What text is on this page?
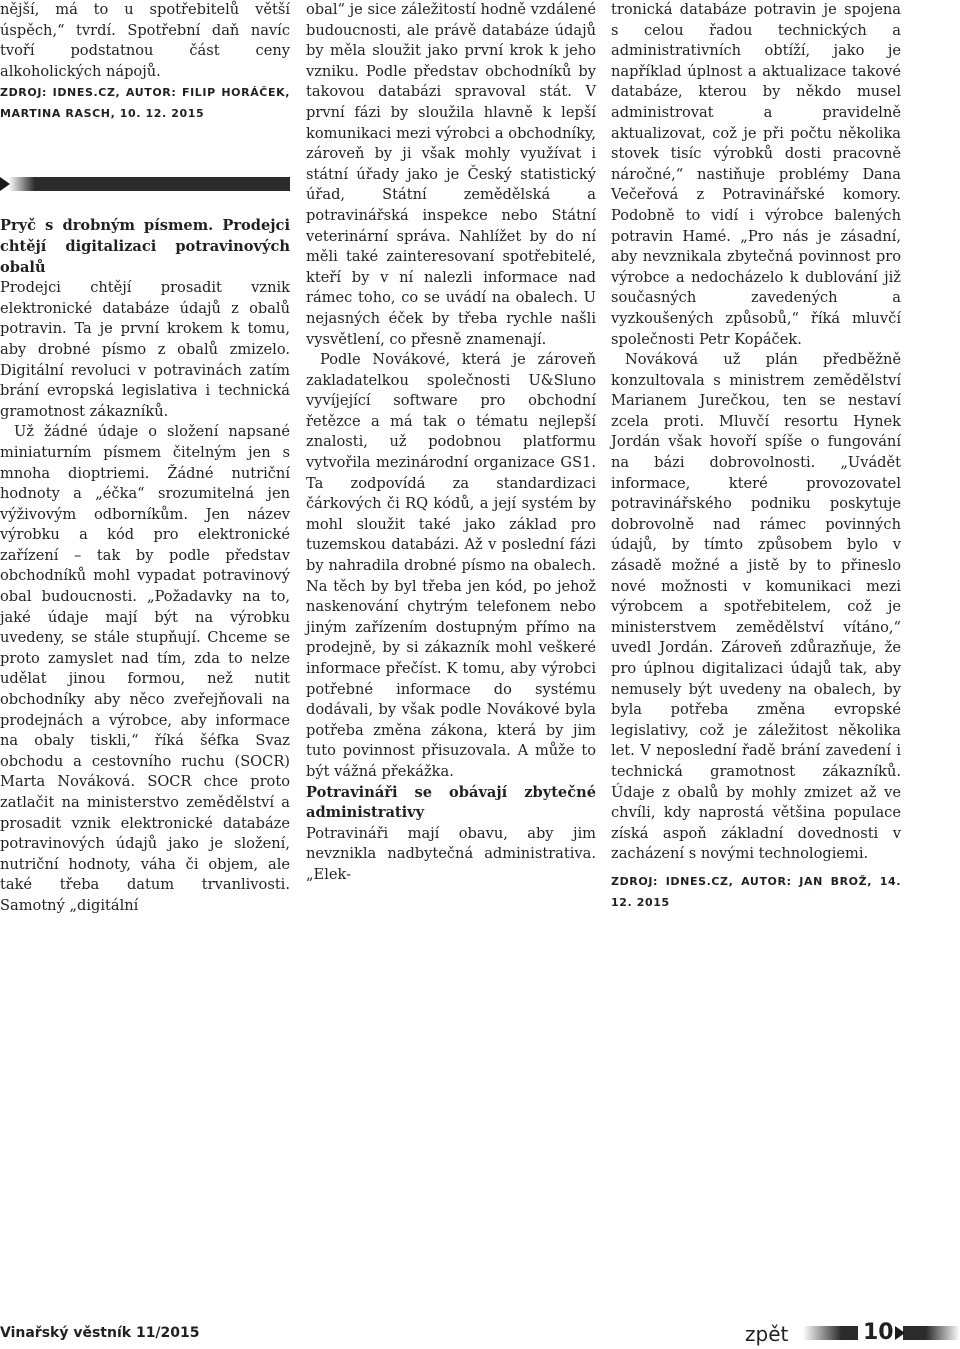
nější, má to u spotřebitelů větší úspěch,“ tvrdí. Spotřební daň navíc tvoří podstatnou část ceny alkoholických nápojů.

ZDROJ: IDNES.CZ, AUTOR: FILIP HORÁČEK, MARTINA RASCH, 10. 12. 2015

Pryč s drobným písmem. Prodejci chtějí digitalizaci potravinových obalů

Prodejci chtějí prosadit vznik elektronické databáze údajů z obalů potravin. Ta je první krokem k tomu, aby drobné písmo z obalů zmizelo. Digitální revoluci v potravinách zatím brání evropská legislativa i technická gramotnost zákazníků.

Už žádné údaje o složení napsané miniaturním písmem čitelným jen s mnoha dioptriemi. Žádné nutriční hodnoty a „éčka“ srozumitelná jen výživovým odborníkům. Jen název výrobku a kód pro elektronické zařízení – tak by podle představ obchodníků mohl vypadat potravinový obal budoucnosti. „Požadavky na to, jaké údaje mají být na výrobku uvedeny, se stále stupňují. Chceme se proto zamyslet nad tím, zda to nelze udělat jinou formou, než nutit obchodníky aby něco zveřejňovali na prodejnách a výrobce, aby informace na obaly tiskli,“ říká šéfka Svaz obchodu a cestovního ruchu (SOCR) Marta Nováková. SOCR chce proto zatlačit na ministerstvo zemědělství a prosadit vznik elektronické databáze potravinových údajů jako je složení, nutriční hodnoty, váha či objem, ale také třeba datum trvanlivosti. Samotný „digitální

obal“ je sice záležitostí hodně vzdálené budoucnosti, ale právě databáze údajů by měla sloužit jako první krok k jeho vzniku. Podle představ obchodníků by takovou databázi spravoval stát. V první fázi by sloužila hlavně k lepší komunikaci mezi výrobci a obchodníky, zároveň by ji však mohly využívat i státní úřady jako je Český statistický úřad, Státní zemědělská a potravinářská inspekce nebo Státní veterinární správa. Nahlížet by do ní měli také zainteresovaní spotřebitelé, kteří by v ní nalezli informace nad rámec toho, co se uvádí na obalech. U nejasných éček by třeba rychle našli vysvětlení, co přesně znamenají.

Podle Novákové, která je zároveň zakladatelkou společnosti U&Sluno vyvíjející software pro obchodní řetězce a má tak o tématu nejlepší znalosti, už podobnou platformu vytvořila mezinárodní organizace GS1. Ta zodpovídá za standardizaci čárkových či RQ kódů, a její systém by mohl sloužit také jako základ pro tuzemskou databázi. Až v poslední fázi by nahradila drobné písmo na obalech. Na těch by byl třeba jen kód, po jehož naskenování chytrým telefonem nebo jiným zařízením dostupným přímo na prodejně, by si zákazník mohl veškeré informace přečíst. K tomu, aby výrobci potřebné informace do systému dodávali, by však podle Novákové byla potřeba změna zákona, která by jim tuto povinnost přisuzovala. A může to být vážná překážka.

Potravináři se obávají zbytečné administrativy

Potravináři mají obavu, aby jim nevzniklа nadbytečná administrativa. „Elek-

tronická databáze potravin je spojena s celou řadou technických a administrativních obtíží, jako je například úplnost a aktualizace takové databáze, kterou by někdo musel administrovat a pravidelně aktualizovat, což je při počtu několika stovek tisíc výrobků dosti pracovně náročné,“ nastiňuje problémy Dana Večeřová z Potravinářské komory. Podobně to vidí i výrobce balených potravin Hamé. „Pro nás je zásadní, aby nevznikala zbytečná povinnost pro výrobce a nedocházelo k dublování již současných zavedených a vyzkoušených způsobů,“ říká mluvčí společnosti Petr Kopáček.

Nováková už plán předběžně konzultovala s ministrem zemědělství Marianem Jurečkou, ten se nestaví zcela proti. Mluvčí resortu Hynek Jordán však hovoří spíše o fungování na bázi dobrovolnosti. „Uvádět informace, které provozovatel potravinářského podniku poskytuje dobrovolně nad rámec povinných údajů, by tímto způsobem bylo v zásadě možné a jistě by to přineslo nové možnosti v komunikaci mezi výrobcem a spotřebitelem, což je ministerstvem zemědělství vítáno,“ uvedl Jordán. Zároveň zdůrazňuje, že pro úplnou digitalizaci údajů tak, aby nemusely být uvedeny na obalech, by byla potřeba změna evropské legislativy, což je záležitost několika let. V neposlední řadě brání zavedení i technická gramotnost zákazníků. Údaje z obalů by mohly zmizet až ve chvíli, kdy naprostá většina populace získá aspoň základní dovednosti v zacházení s novými technologiemi.

ZDROJ: IDNES.CZ, AUTOR: JAN BROŽ, 14. 12. 2015

Vinařský věstník 11/2015	zpět	10
